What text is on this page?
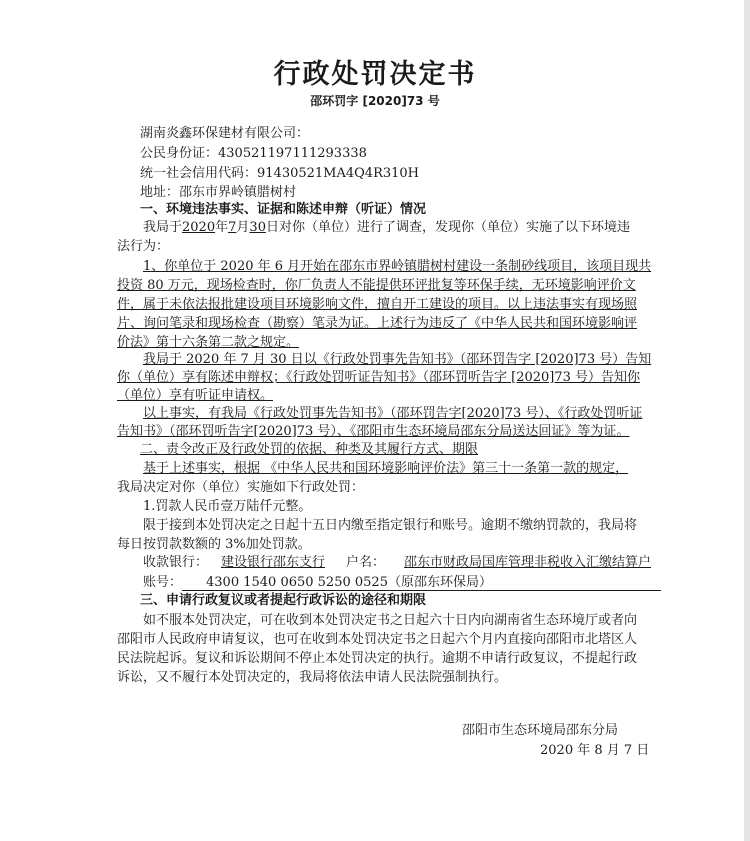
行政处罚决定书
邵环罚字 [2020]73 号
湖南炎鑫环保建材有限公司：
公民身份证：430521197111293338
统一社会信用代码：91430521MA4Q4R310H
地址：邵东市界岭镇腊树村
一、环境违法事实、证据和陈述申辩（听证）情况
我局于2020年7月30日对你（单位）进行了调查，发现你（单位）实施了以下环境违
法行为：
1、你单位于 2020 年 6 月开始在邵东市界岭镇腊树村建设一条制砂线项目，该项目现共
投资 80 万元，现场检查时，你厂负责人不能提供环评批复等环保手续，无环境影响评价文
件，属于未依法报批建设项目环境影响文件，擅自开工建设的项目。以上违法事实有现场照
片、询问笔录和现场检查（勘察）笔录为证。上述行为违反了《中华人民共和国环境影响评
价法》第十六条第二款之规定。
我局于 2020 年 7 月 30 日以《行政处罚事先告知书》（邵环罚告字 [2020]73 号）告知
你（单位）享有陈述申辩权；《行政处罚听证告知书》（邵环罚听告字 [2020]73 号）告知你
（单位）享有听证申请权。
以上事实，有我局《行政处罚事先告知书》（邵环罚告字[2020]73 号）、《行政处罚听证
告知书》（邵环罚听告字[2020]73 号）、《邵阳市生态环境局邵东分局送达回证》等为证。
二、责令改正及行政处罚的依据、种类及其履行方式、期限
基于上述事实，根据 《中华人民共和国环境影响评价法》第三十一条第一款的规定，
我局决定对你（单位）实施如下行政处罚：
1.罚款人民币壹万陆仟元整。
限于接到本处罚决定之日起十五日内缴至指定银行和账号。逾期不缴纳罚款的，我局将
每日按罚款数额的 3%加处罚款。
收款银行： 建设银行邵东支行 户名： 邵东市财政局国库管理非税收入汇缴结算户
账号： 4300 1540 0650 5250 0525（原邵东环保局）
三、申请行政复议或者提起行政诉讼的途径和期限
如不服本处罚决定，可在收到本处罚决定书之日起六十日内向湖南省生态环境厅或者向
邵阳市人民政府申请复议，也可在收到本处罚决定书之日起六个月内直接向邵阳市北塔区人
民法院起诉。复议和诉讼期间不停止本处罚决定的执行。逾期不申请行政复议，不提起行政
诉讼，又不履行本处罚决定的，我局将依法申请人民法院强制执行。
邵阳市生态环境局邵东分局
2020 年 8 月 7 日
